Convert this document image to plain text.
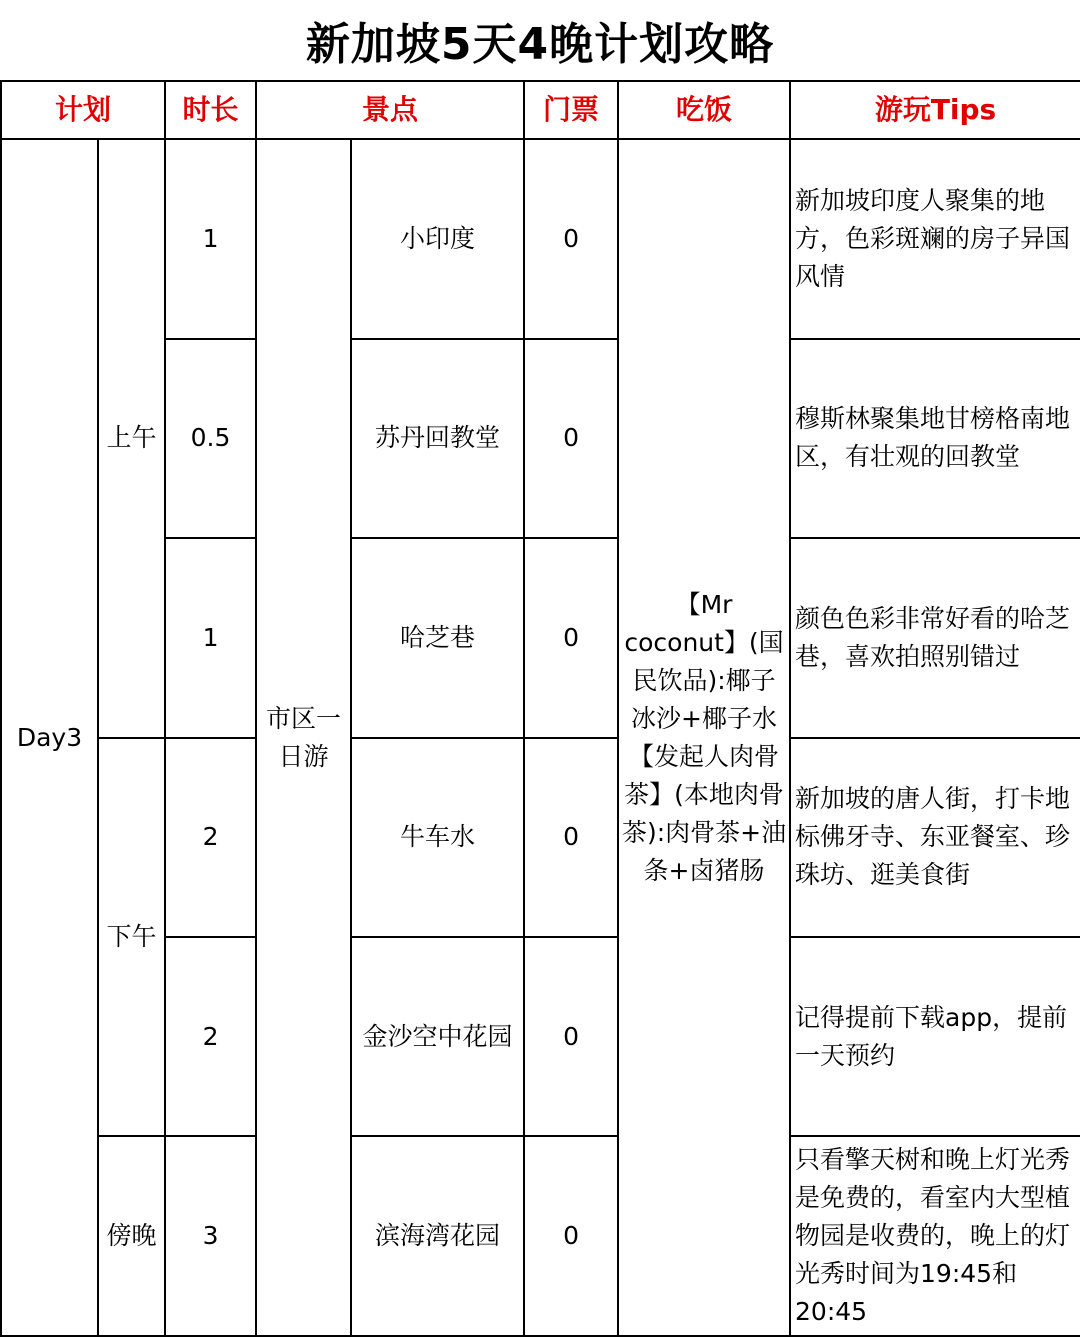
新加坡5天4晚计划攻略
计划		时长	景点		门票	吃饭	游玩Tips
Day3	上午	1	市区一日游	小印度	0	【Mr coconut】(国民饮品):椰子冰沙+椰子水【发起人肉骨茶】(本地肉骨茶):肉骨茶+油条+卤猪肠	新加坡印度人聚集的地方，色彩斑斓的房子异国风情
		0.5		苏丹回教堂	0		穆斯林聚集地甘榜格南地区，有壮观的回教堂
		1		哈芝巷	0		颜色色彩非常好看的哈芝巷，喜欢拍照别错过
	下午	2		牛车水	0		新加坡的唐人街，打卡地标佛牙寺、东亚餐室、珍珠坊、逛美食街
		2		金沙空中花园	0		记得提前下载app，提前一天预约
	傍晚	3		滨海湾花园	0		只看擎天树和晚上灯光秀是免费的，看室内大型植物园是收费的，晚上的灯光秀时间为19:45和20:45
